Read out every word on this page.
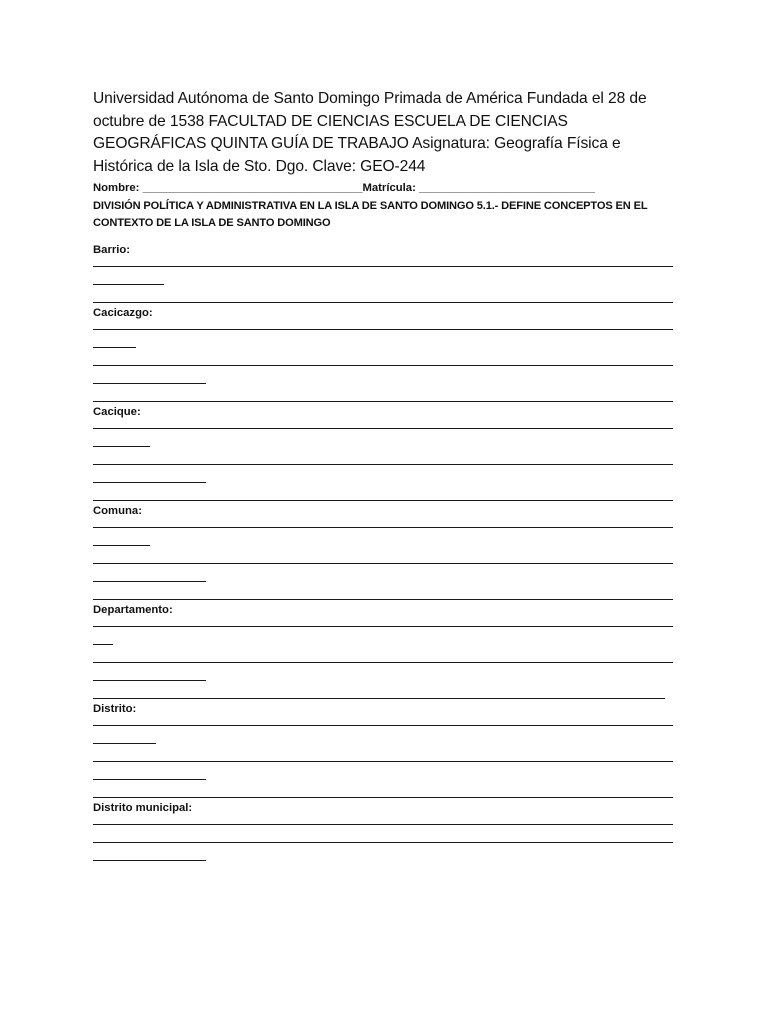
Universidad Autónoma de Santo Domingo Primada de América Fundada el 28 de octubre de 1538 FACULTAD DE CIENCIAS ESCUELA DE CIENCIAS GEOGRÁFICAS QUINTA GUÍA DE TRABAJO Asignatura: Geografía Física e Histórica de la Isla de Sto. Dgo. Clave: GEO-244

Nombre: ___________________________________Matrícula: ____________________________
DIVISIÓN POLÍTICA Y ADMINISTRATIVA EN LA ISLA DE SANTO DOMINGO 5.1.- DEFINE CONCEPTOS EN EL CONTEXTO DE LA ISLA DE SANTO DOMINGO
Barrio:
Cacicazgo:
Cacique:
Comuna:
Departamento:
Distrito:
Distrito municipal:
